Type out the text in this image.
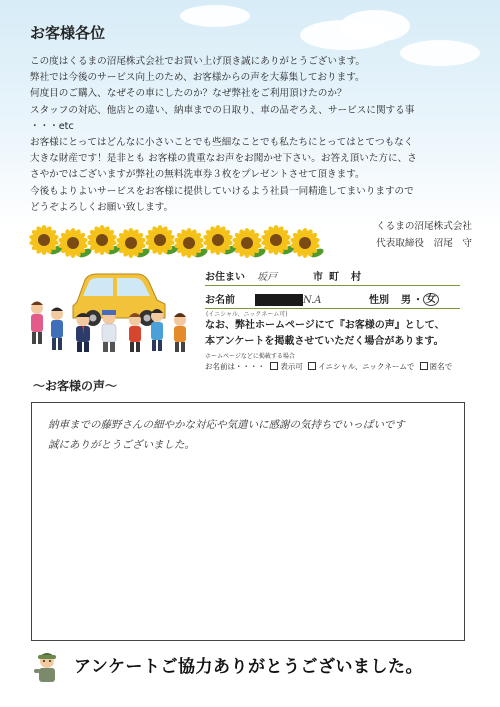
お客様各位
この度はくるまの沼尾株式会社でお買い上げ頂き誠にありがとうございます。
弊社では今後のサービス向上のため、お客様からの声を大募集しております。
何度目のご購入、なぜその車にしたのか？なぜ弊社をご利用頂けたのか？
スタッフの対応、他店との違い、納車までの日取り、車の品ぞろえ、サービスに関する事
・・・etc
お客様にとってはどんなに小さいことでも些細なことでも私たちにとってはとてつもなく
大きな財産です！是非とも お客様の貴重なお声をお聞かせ下さい。お答え頂いた方に、さ
さやかではございますが弊社の無料洗車券３枚をプレゼントさせて頂きます。
今後もよりよいサービスをお客様に提供していけるよう社員一同精進してまいりますので
どうぞよろしくお願い致します。
くるまの沼尾株式会社
代表取締役　沼尾　守
お住まい 坂戸	市 町 村
お名前	N.A	性別 男 ・ 女
(イニシャル、ニックネーム可)
なお、弊社ホームページにて『お客様の声』として、
本アンケートを掲載させていただく場合があります。
ホームページなどに掲載する場合
お名前は・・・・ 表示可 イニシャル、ニックネームで 匿名で
～お客様の声～
納車までの藤野さんの細やかな対応や気遣いに感謝の気持ちでいっぱいです
誠にありがとうございました。
アンケートご協力ありがとうございました。
